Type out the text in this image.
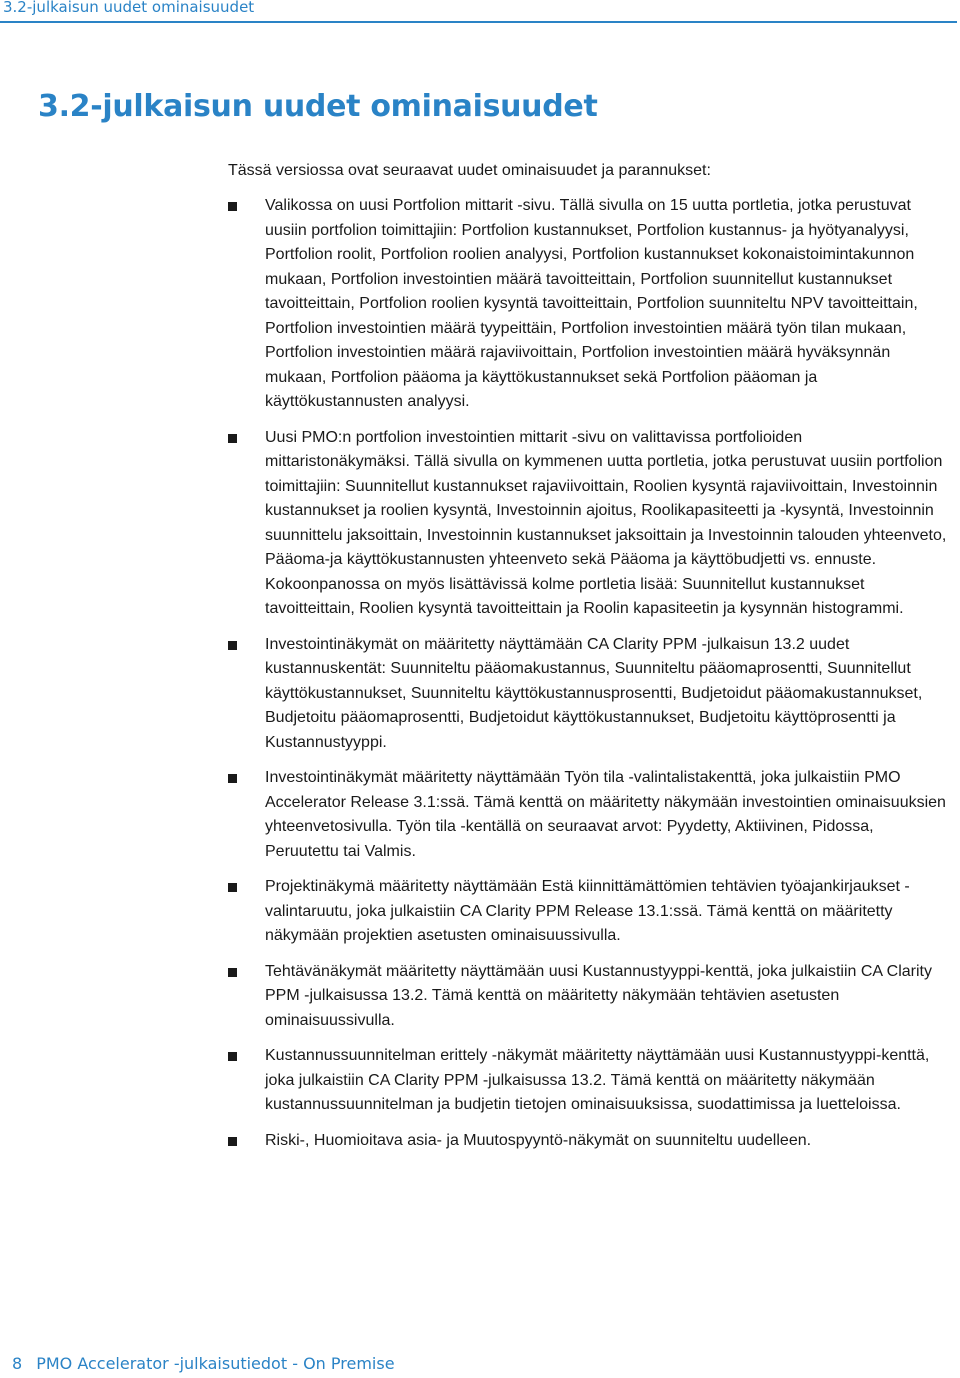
3.2-julkaisun uudet ominaisuudet
3.2-julkaisun uudet ominaisuudet
Tässä versiossa ovat seuraavat uudet ominaisuudet ja parannukset:
Valikossa on uusi Portfolion mittarit -sivu. Tällä sivulla on 15 uutta portletia, jotka perustuvat uusiin portfolion toimittajiin: Portfolion kustannukset, Portfolion kustannus- ja hyötyanalyysi, Portfolion roolit, Portfolion roolien analyysi, Portfolion kustannukset kokonaistoimintakunnon mukaan, Portfolion investointien määrä tavoitteittain, Portfolion suunnitellut kustannukset tavoitteittain, Portfolion roolien kysyntä tavoitteittain, Portfolion suunniteltu NPV tavoitteittain, Portfolion investointien määrä tyypeittäin, Portfolion investointien määrä työn tilan mukaan, Portfolion investointien määrä rajaviivoittain, Portfolion investointien määrä hyväksynnän mukaan, Portfolion pääoma ja käyttökustannukset sekä Portfolion pääoman ja käyttökustannusten analyysi.
Uusi PMO:n portfolion investointien mittarit -sivu on valittavissa portfolioiden mittaristonäkymäksi. Tällä sivulla on kymmenen uutta portletia, jotka perustuvat uusiin portfolion toimittajiin: Suunnitellut kustannukset rajaviivoittain, Roolien kysyntä rajaviivoittain, Investoinnin kustannukset ja roolien kysyntä, Investoinnin ajoitus, Roolikapasiteetti ja -kysyntä, Investoinnin suunnittelu jaksoittain, Investoinnin kustannukset jaksoittain ja Investoinnin talouden yhteenveto, Pääoma-ja käyttökustannusten yhteenveto sekä Pääoma ja käyttöbudjetti vs. ennuste. Kokoonpanossa on myös lisättävissä kolme portletia lisää: Suunnitellut kustannukset tavoitteittain, Roolien kysyntä tavoitteittain ja Roolin kapasiteetin ja kysynnän histogrammi.
Investointinäkymät on määritetty näyttämään CA Clarity PPM -julkaisun 13.2 uudet kustannuskentät: Suunniteltu pääomakustannus, Suunniteltu pääomaprosentti, Suunnitellut käyttökustannukset, Suunniteltu käyttökustannusprosentti, Budjetoidut pääomakustannukset, Budjetoitu pääomaprosentti, Budjetoidut käyttökustannukset, Budjetoitu käyttöprosentti ja Kustannustyyppi.
Investointinäkymät määritetty näyttämään Työn tila -valintalistakenttä, joka julkaistiin PMO Accelerator Release 3.1:ssä. Tämä kenttä on määritetty näkymään investointien ominaisuuksien yhteenvetosivulla. Työn tila -kentällä on seuraavat arvot: Pyydetty, Aktiivinen, Pidossa, Peruutettu tai Valmis.
Projektinäkymä määritetty näyttämään Estä kiinnittämättömien tehtävien työajankirjaukset -valintaruutu, joka julkaistiin CA Clarity PPM Release 13.1:ssä. Tämä kenttä on määritetty näkymään projektien asetusten ominaisuussivulla.
Tehtävänäkymät määritetty näyttämään uusi Kustannustyyppi-kenttä, joka julkaistiin CA Clarity PPM -julkaisussa 13.2. Tämä kenttä on määritetty näkymään tehtävien asetusten ominaisuussivulla.
Kustannussuunnitelman erittely -näkymät määritetty näyttämään uusi Kustannustyyppi-kenttä, joka julkaistiin CA Clarity PPM -julkaisussa 13.2. Tämä kenttä on määritetty näkymään kustannussuunnitelman ja budjetin tietojen ominaisuuksissa, suodattimissa ja luetteloissa.
Riski-, Huomioitava asia- ja Muutospyyntö-näkymät on suunniteltu uudelleen.
8 PMO Accelerator -julkaisutiedot - On Premise
